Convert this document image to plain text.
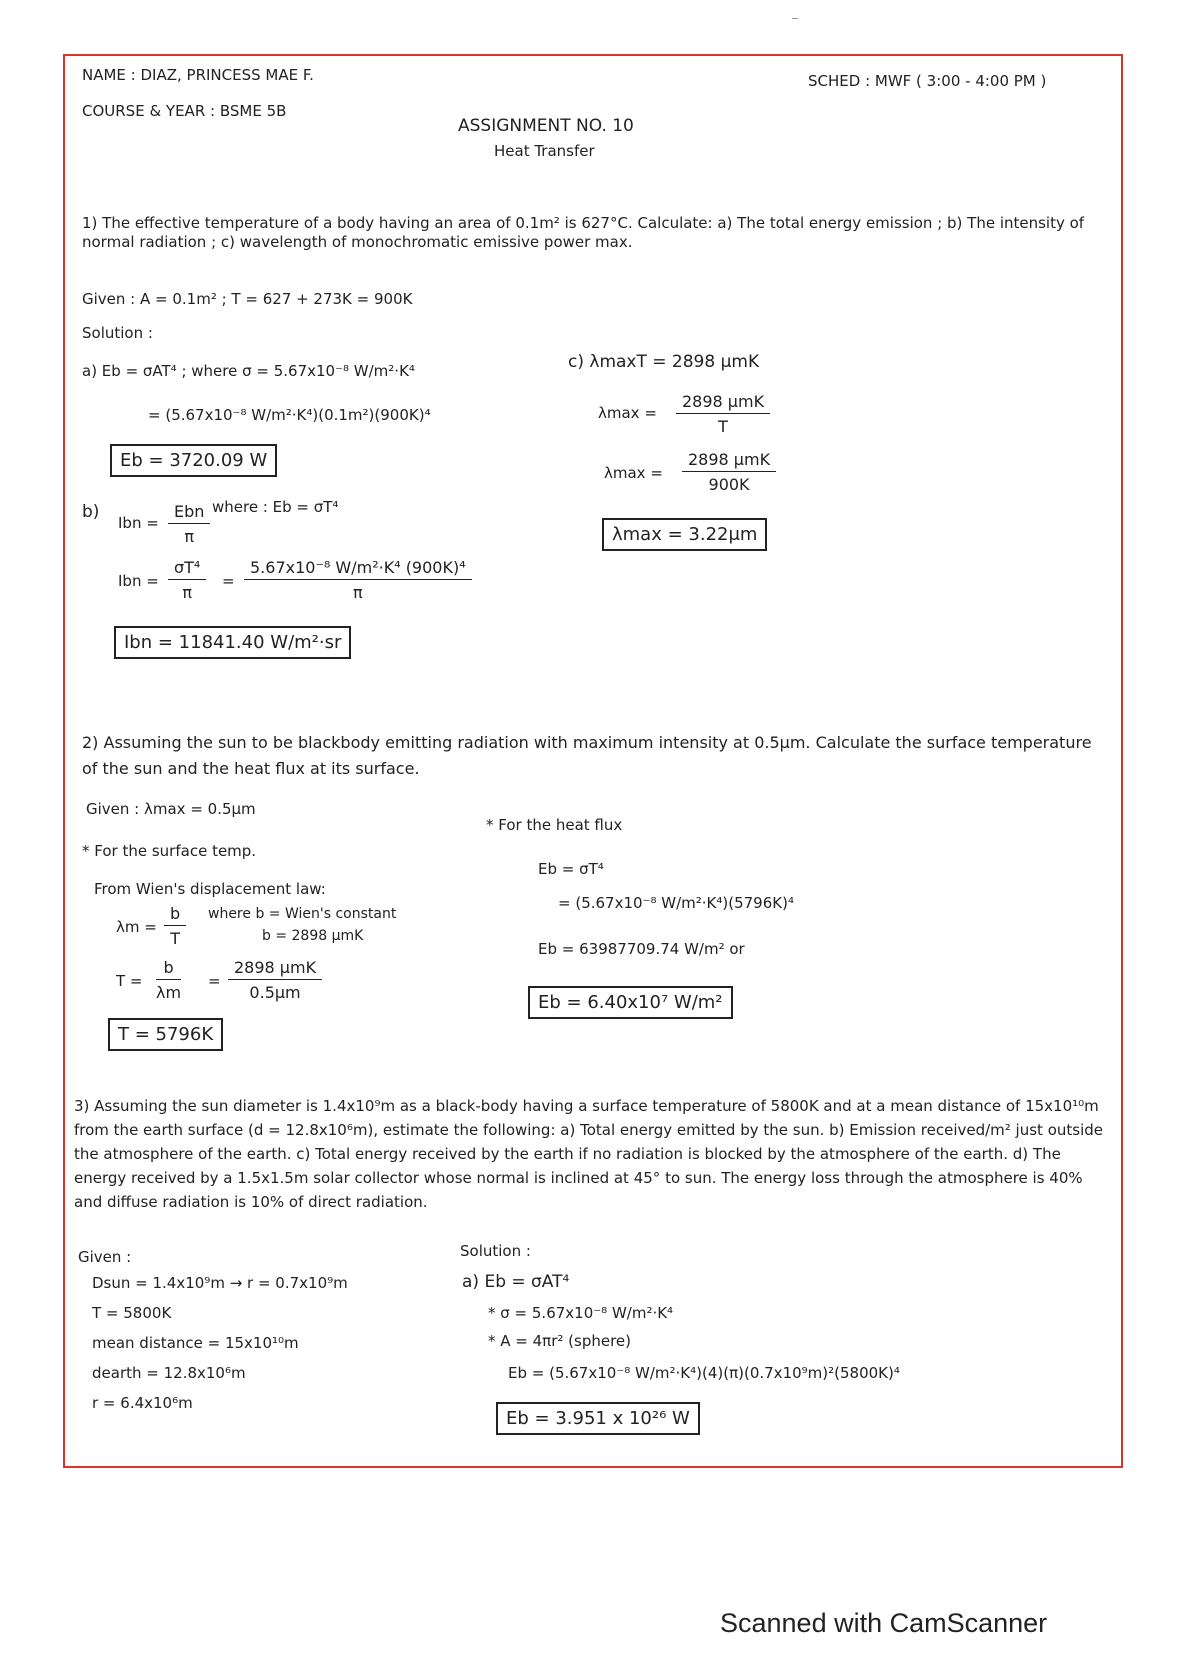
NAME : DIAZ, PRINCESS MAE F.	SCHED : MWF ( 3:00 - 4:00 PM )
COURSE & YEAR : BSME 5B
ASSIGNMENT NO. 10
Heat Transfer
1) The effective temperature of a body having an area of 0.1m² is 627°C. Calculate: a) The total energy emission ; b) The intensity of normal radiation ; c) wavelength of monochromatic emissive power max.
Given : A = 0.1m² ; T = 627 + 273K = 900K
Solution :
a) Eb = σAT⁴ ; where σ = 5.67x10⁻⁸ W/m²·K⁴
= (5.67x10⁻⁸ W/m²·K⁴)(0.1m²)(900K)⁴
Eb = 3720.09 W
b)
Ibn =
Ebn
π
where : Eb = σT⁴
Ibn = $\frac{\text{σT⁴}}{\pi} = \frac{\text{5.67x10⁻⁸ W/m²·K⁴ (900K)⁴}}{\pi}$
Ibn = 11841.40 W/m²·sr
c) λmaxT = 2898 μmK
λmax =
2898 μmK
T
λmax =
2898 μmK
900K
λmax = 3.22μm
2) Assuming the sun to be blackbody emitting radiation with maximum intensity at 0.5μm. Calculate the surface temperature of the sun and the heat flux at its surface.
Given : λmax = 0.5μm
* For the surface temp.
From Wien's displacement law:
$\lambda m = \frac{b}{T}$ where b = Wien's constant
b = 2898 μmK
$T = \frac{b}{\lambda m}$ =
2898 μmK
0.5μm
T = 5796K
* For the heat flux
Eb = σT⁴
= (5.67x10⁻⁸ W/m²·K⁴)(5796K)⁴
Eb = 63987709.74 W/m² or
Eb = 6.40x10⁷ W/m²
3) Assuming the sun diameter is 1.4x10⁹m as a black-body having a surface temperature of 5800K and at a mean distance of 15x10¹⁰m from the earth surface (d = 12.8x10⁶m), estimate the following: a) Total energy emitted by the sun. b) Emission received/m² just outside the atmosphere of the earth. c) Total energy received by the earth if no radiation is blocked by the atmosphere of the earth. d) The energy received by a 1.5x1.5m solar collector whose normal is inclined at 45° to sun. The energy loss through the atmosphere is 40% and diffuse radiation is 10% of direct radiation.
Given :
Dsun = 1.4x10⁹m → r = 0.7x10⁹m
T = 5800K
mean distance = 15x10¹⁰m
dearth = 12.8x10⁶m
r = 6.4x10⁶m
Solution :
a) Eb = σAT⁴
* σ = 5.67x10⁻⁸ W/m²·K⁴
* A = 4πr² (sphere)
Eb = (5.67x10⁻⁸ W/m²·K⁴)(4)(π)(0.7x10⁹m)²(5800K)⁴
Eb = 3.951 x 10²⁶ W
Scanned with CamScanner
